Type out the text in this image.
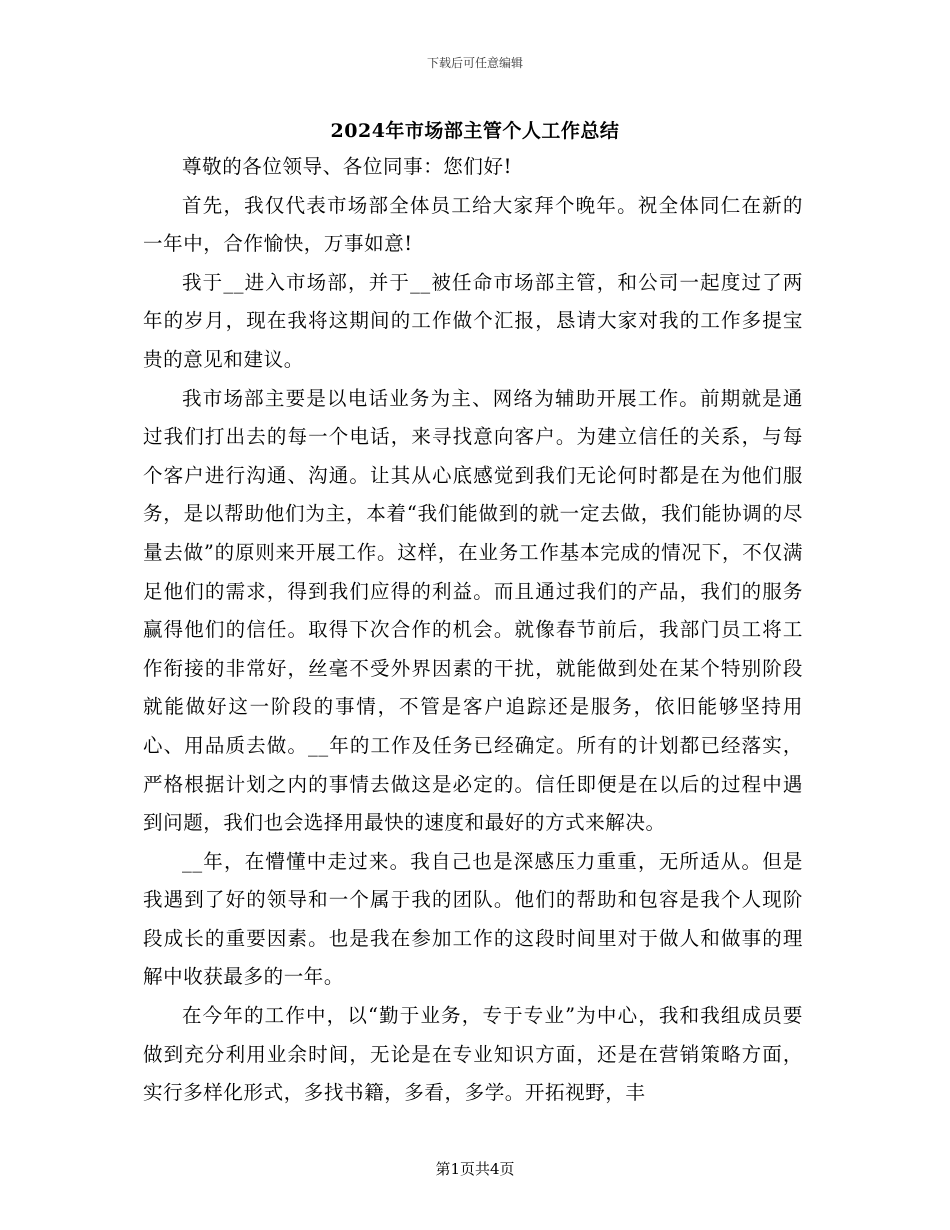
下载后可任意编辑
2024年市场部主管个人工作总结

尊敬的各位领导、各位同事：您们好!

首先，我仅代表市场部全体员工给大家拜个晚年。祝全体同仁在新的一年中，合作愉快，万事如意!

我于__进入市场部，并于__被任命市场部主管，和公司一起度过了两年的岁月，现在我将这期间的工作做个汇报，恳请大家对我的工作多提宝贵的意见和建议。

我市场部主要是以电话业务为主、网络为辅助开展工作。前期就是通过我们打出去的每一个电话，来寻找意向客户。为建立信任的关系，与每个客户进行沟通、沟通。让其从心底感觉到我们无论何时都是在为他们服务，是以帮助他们为主，本着“我们能做到的就一定去做，我们能协调的尽量去做”的原则来开展工作。这样，在业务工作基本完成的情况下，不仅满足他们的需求，得到我们应得的利益。而且通过我们的产品，我们的服务赢得他们的信任。取得下次合作的机会。就像春节前后，我部门员工将工作衔接的非常好，丝毫不受外界因素的干扰，就能做到处在某个特别阶段就能做好这一阶段的事情，不管是客户追踪还是服务，依旧能够坚持用心、用品质去做。__年的工作及任务已经确定。所有的计划都已经落实，严格根据计划之内的事情去做这是必定的。信任即便是在以后的过程中遇到问题，我们也会选择用最快的速度和最好的方式来解决。

__年，在懵懂中走过来。我自己也是深感压力重重，无所适从。但是我遇到了好的领导和一个属于我的团队。他们的帮助和包容是我个人现阶段成长的重要因素。也是我在参加工作的这段时间里对于做人和做事的理解中收获最多的一年。

在今年的工作中，以“勤于业务，专于专业”为中心，我和我组成员要做到充分利用业余时间，无论是在专业知识方面，还是在营销策略方面，实行多样化形式，多找书籍，多看，多学。开拓视野，丰

第1页共4页
